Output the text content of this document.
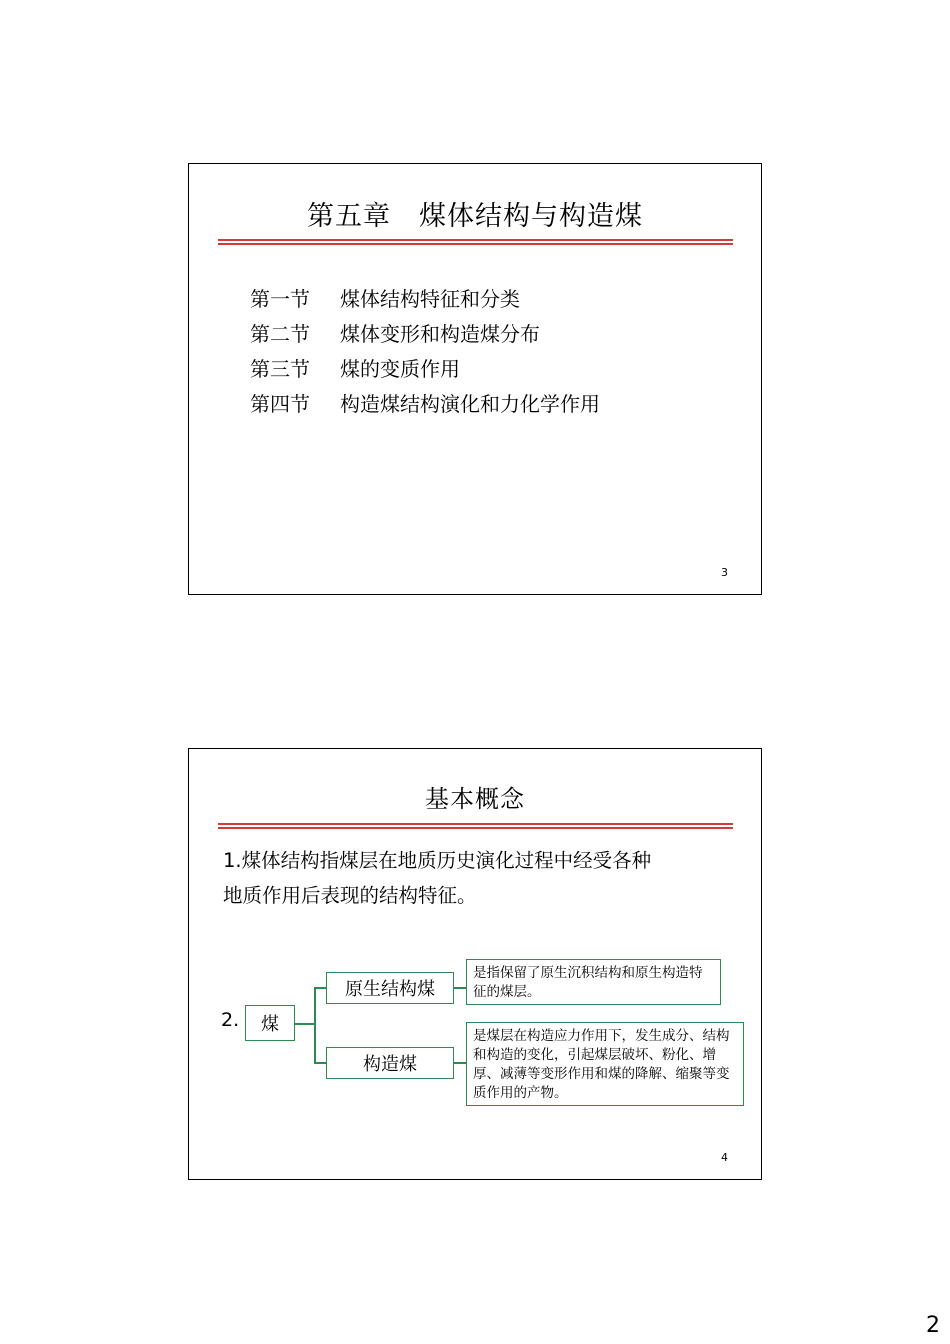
第五章　煤体结构与构造煤
第一节 煤体结构特征和分类
第二节 煤体变形和构造煤分布
第三节 煤的变质作用
第四节 构造煤结构演化和力化学作用
3
基本概念

1.煤体结构指煤层在地质历史演化过程中经受各种
地质作用后表现的结构特征。

2.	煤
原生结构煤
构造煤
是指保留了原生沉积结构和原生构造特征的煤层。
是煤层在构造应力作用下，发生成分、结构和构造的变化，引起煤层破坏、粉化、增厚、减薄等变形作用和煤的降解、缩聚等变质作用的产物。
4
2
